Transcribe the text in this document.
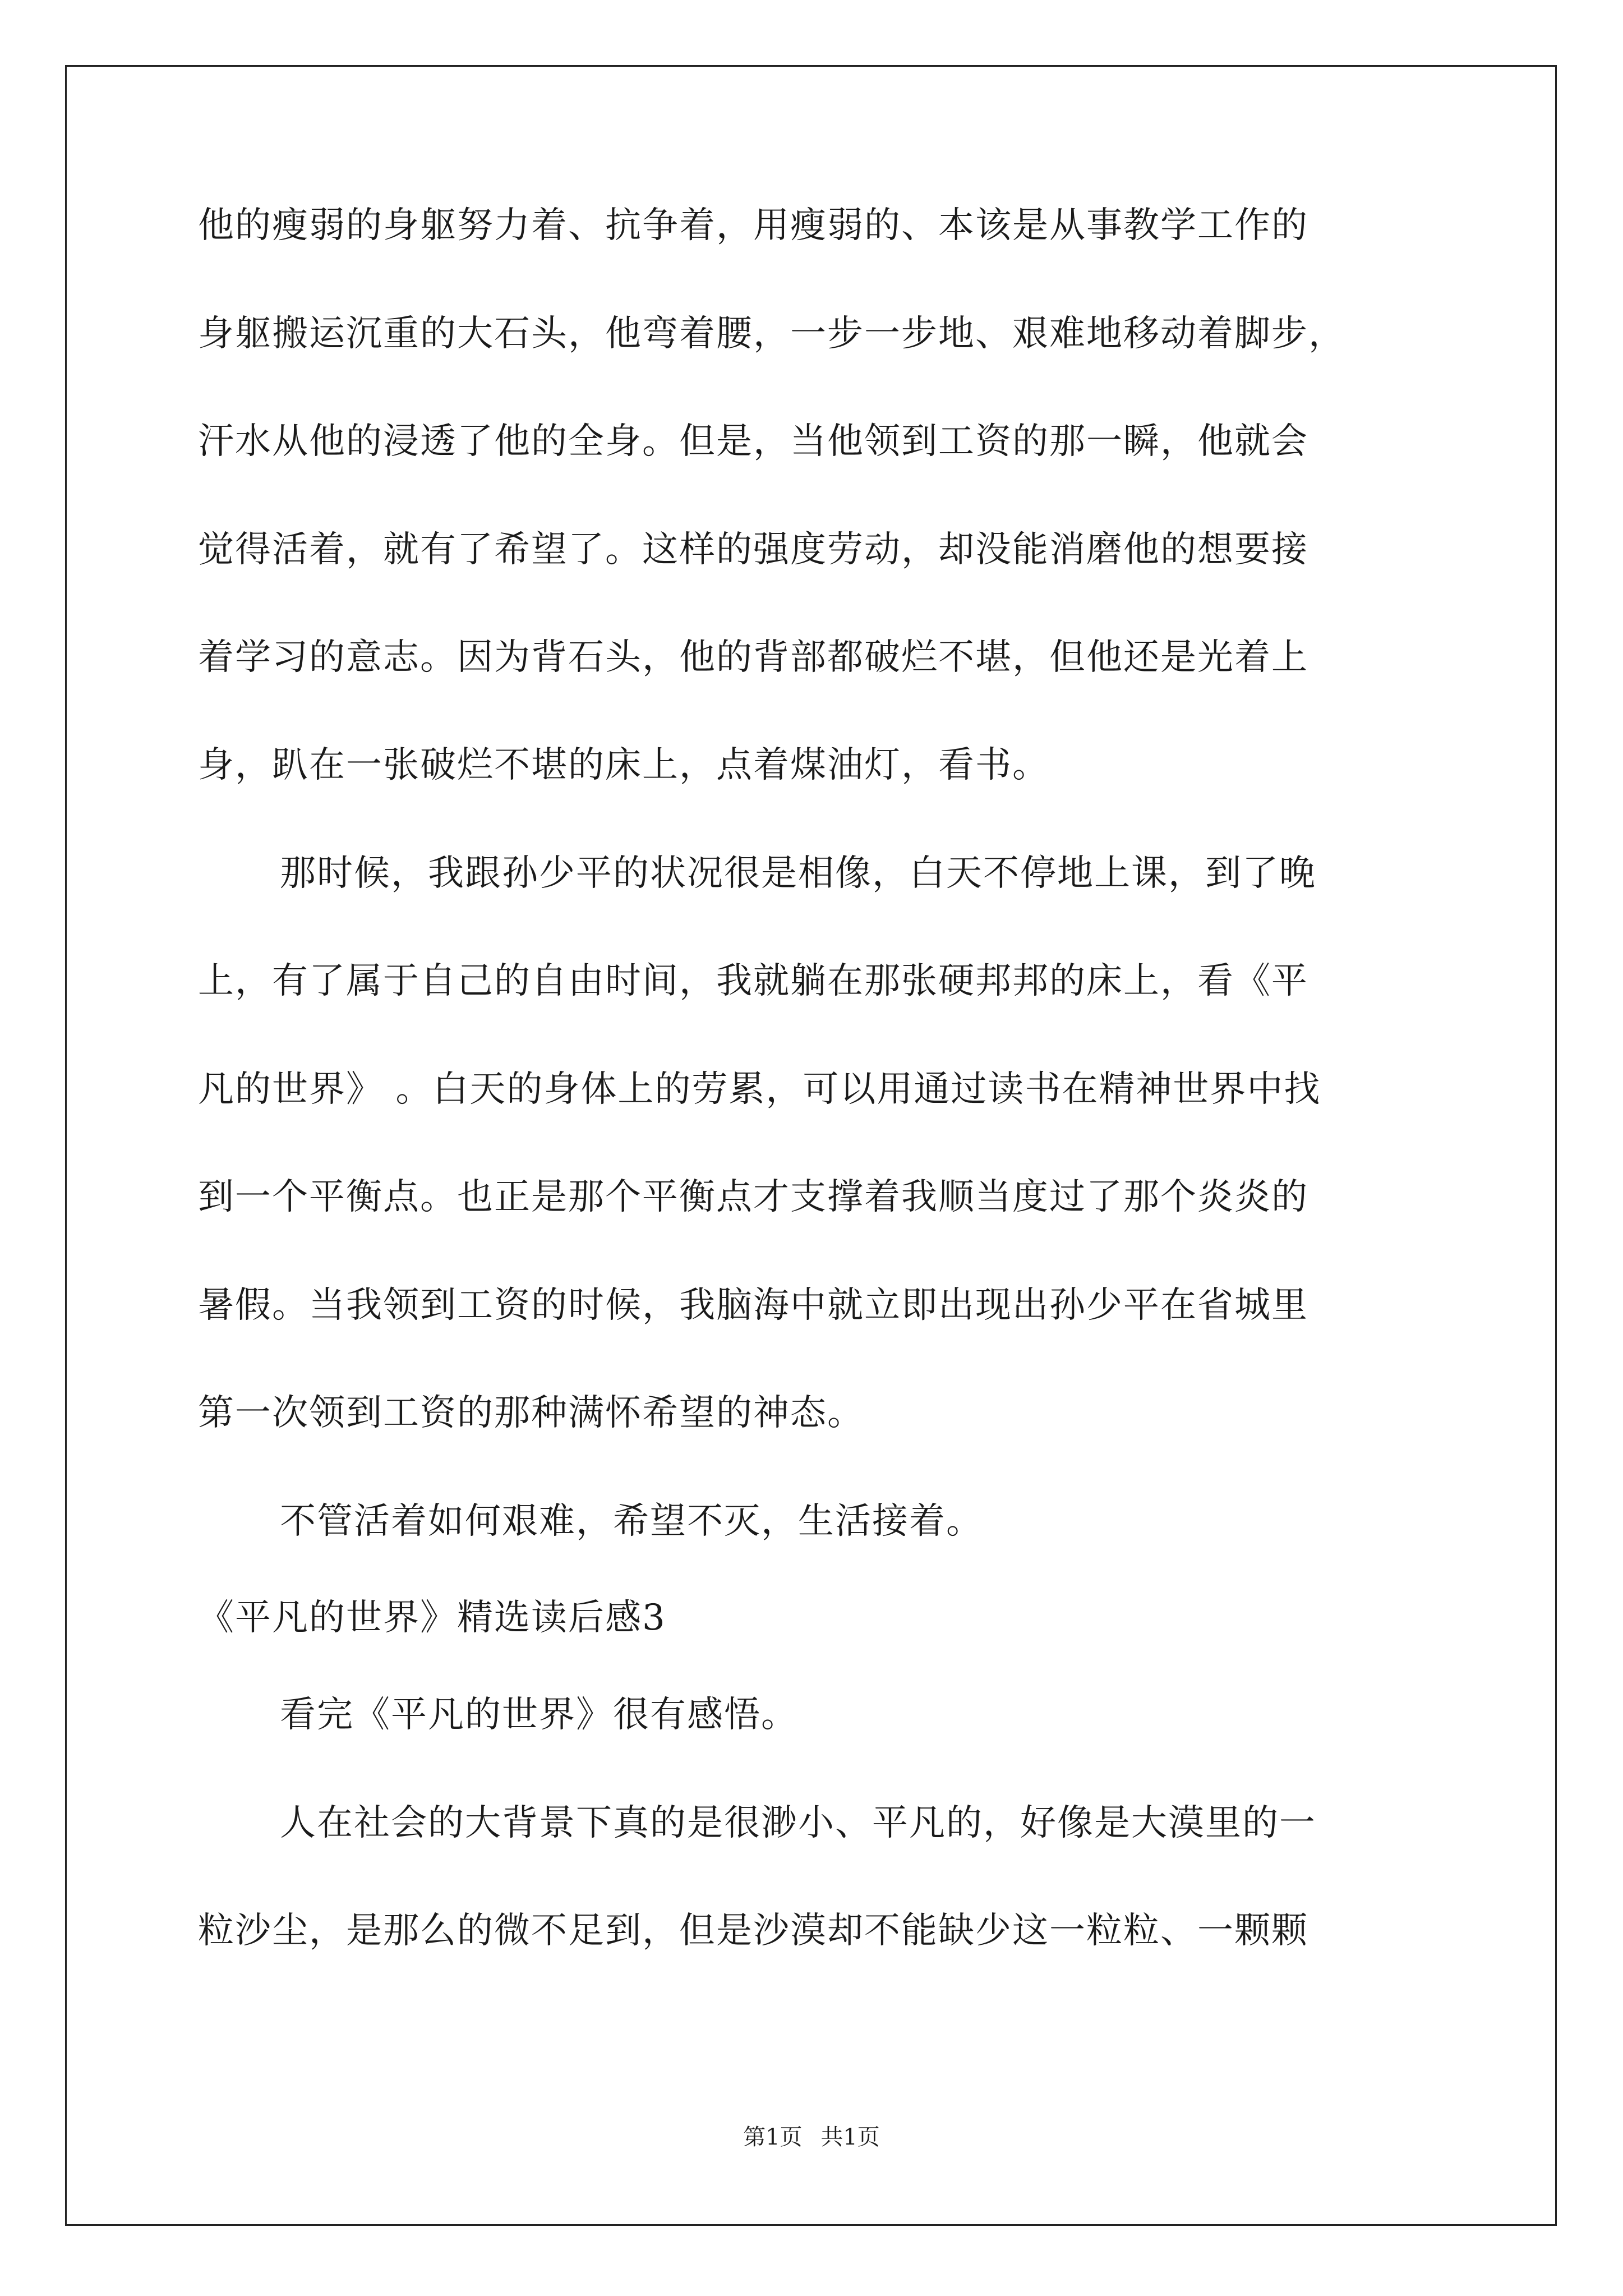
他的瘦弱的身躯努力着、抗争着，用瘦弱的、本该是从事教学工作的
身躯搬运沉重的大石头，他弯着腰，一步一步地、艰难地移动着脚步，
汗水从他的浸透了他的全身。但是，当他领到工资的那一瞬，他就会
觉得活着，就有了希望了。这样的强度劳动，却没能消磨他的想要接
着学习的意志。因为背石头，他的背部都破烂不堪，但他还是光着上
身，趴在一张破烂不堪的床上，点着煤油灯，看书。
那时候，我跟孙少平的状况很是相像，白天不停地上课，到了晚
上，有了属于自己的自由时间，我就躺在那张硬邦邦的床上，看《平
凡的世界》 。白天的身体上的劳累，可以用通过读书在精神世界中找
到一个平衡点。也正是那个平衡点才支撑着我顺当度过了那个炎炎的
暑假。当我领到工资的时候，我脑海中就立即出现出孙少平在省城里
第一次领到工资的那种满怀希望的神态。
不管活着如何艰难，希望不灭，生活接着。
《平凡的世界》精选读后感3
看完《平凡的世界》很有感悟。
人在社会的大背景下真的是很渺小、平凡的，好像是大漠里的一
粒沙尘，是那么的微不足到，但是沙漠却不能缺少这一粒粒、一颗颗
第1页 共1页
